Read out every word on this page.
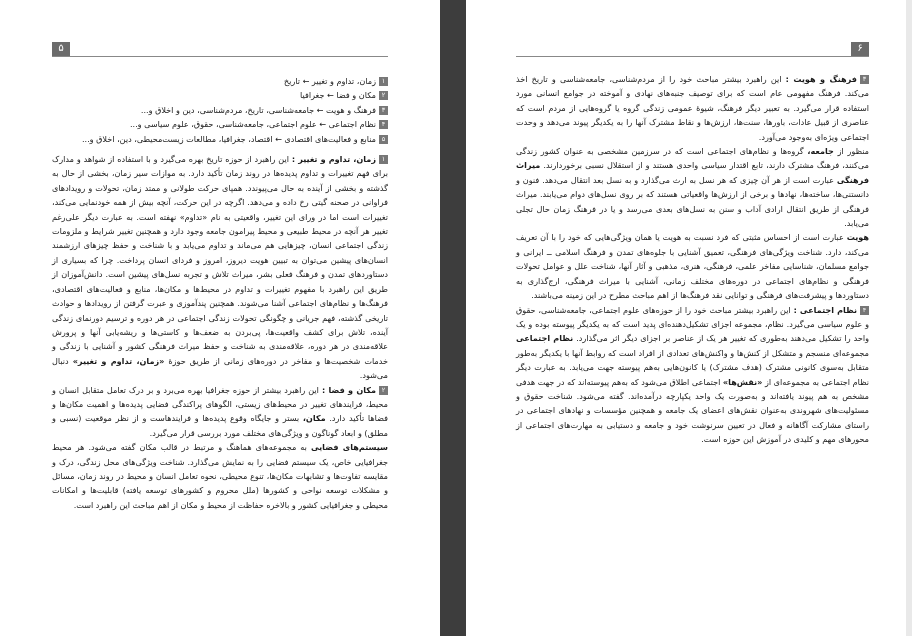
۵
۱زمان، تداوم و تغییر ← تاریخ
۲مکان و فضا ← جغرافیا
۳فرهنگ و هویت ← جامعه‌شناسی، تاریخ، مردم‌شناسی، دین و اخلاق و...
۴نظام اجتماعی ← علوم اجتماعی، جامعه‌شناسی، حقوق، علوم سیاسی و...
۵منابع و فعالیت‌های اقتصادی ← اقتصاد، جغرافیا، مطالعات زیست‌محیطی، دین، اخلاق و...

۱زمان، تداوم و تغییر : این راهبرد از حوزه تاریخ بهره می‌گیرد و با استفاده از شواهد و مدارک برای فهم تغییرات و تداوم پدیده‌ها در روند زمان تأکید دارد. به موازات سیر زمان، بخشی از حال به گذشته و بخشی از آینده به حال می‌پیوندد. همپای حرکت طولانی و ممتد زمان، تحولات و رویدادهای فراوانی در صحنه گیتی رخ داده و می‌دهد. اگرچه در این حرکت، آنچه بیش از همه خودنمایی می‌کند، تغییرات است اما در ورای این تغییر، واقعیتی به نام «تداوم» نهفته است. به عبارت دیگر علی‌رغم تغییر هر آنچه در محیط طبیعی و محیط پیرامون جامعه وجود دارد و همچنین تغییر شرایط و ملزومات زندگی اجتماعی انسان، چیزهایی هم می‌ماند و تداوم می‌یابد و با شناخت و حفظ چیزهای ارزشمند انسان‌های پیشین می‌توان به تبیین هویت دیروز، امروز و فردای انسان پرداخت. چرا که بسیاری از دستاوردهای تمدن و فرهنگ فعلی بشر، میراث تلاش و تجربه نسل‌های پیشین است. دانش‌آموزان از طریق این راهبرد با مفهوم تغییرات و تداوم در محیط‌ها و مکان‌ها، منابع و فعالیت‌های اقتصادی، فرهنگ‌ها و نظام‌های اجتماعی آشنا می‌شوند. همچنین پندآموزی و عبرت گرفتن از رویدادها و حوادث تاریخی گذشته، فهم جریانی و چگونگی تحولات زندگی اجتماعی در هر دوره و ترسیم دورنمای زندگی آینده، تلاش برای کشف واقعیت‌ها، پی‌بردن به ضعف‌ها و کاستی‌ها و ریشه‌یابی آنها و پرورش علاقه‌مندی در هر دوره، علاقه‌مندی به شناخت و حفظ میراث فرهنگی کشور و آشنایی با زندگی و خدمات شخصیت‌ها و مفاخر در دوره‌های زمانی از طریق حوزهٔ «زمان، تداوم و تغییر» دنبال می‌شود.

۲مکان و فضا : این راهبرد بیشتر از حوزه جغرافیا بهره می‌برد و بر درک تعامل متقابل انسان و محیط، فرایندهای تغییر در محیط‌های زیستی، الگوهای پراکندگی فضایی پدیده‌ها و اهمیت مکان‌ها و فضاها تأکید دارد. مکان، بستر و جایگاه وقوع پدیده‌ها و فرایندهاست و از نظر موقعیت (نسبی و مطلق) و ابعاد گوناگون و ویژگی‌های مختلف مورد بررسی قرار می‌گیرد.

سیستم‌های فضایی به مجموعه‌های هماهنگ و مرتبط در قالب مکان گفته می‌شود. هر محیط جغرافیایی خاص، یک سیستم فضایی را به نمایش می‌گذارد. شناخت ویژگی‌های محل زندگی، درک و مقایسه تفاوت‌ها و تشابهات مکان‌ها، تنوع محیطی، نحوه تعامل انسان و محیط در روند زمان، مسائل و مشکلات توسعه نواحی و کشورها (ملل محروم و کشورهای توسعه یافته) قابلیت‌ها و امکانات محیطی و جغرافیایی کشور و بالاخره حفاظت از محیط و مکان از اهم مباحث این راهبرد است.

۶

۳فرهنگ و هویت : این راهبرد بیشتر مباحث خود را از مردم‌شناسی، جامعه‌شناسی و تاریخ اخذ می‌کند. فرهنگ مفهومی عام است که برای توصیف جنبه‌های نهادی و آموخته در جوامع انسانی مورد استفاده قرار می‌گیرد. به تعبیر دیگر فرهنگ، شیوهٔ عمومی زندگی گروه یا گروه‌هایی از مردم است که عناصری از قبیل عادات، باورها، سنت‌ها، ارزش‌ها و نقاط مشترک آنها را به یکدیگر پیوند می‌دهد و وحدت اجتماعی ویژه‌ای به‌وجود می‌آورد.

منظور از جامعه، گروه‌ها و نظام‌های اجتماعی است که در سرزمین مشخصی به عنوان کشور زندگی می‌کنند، فرهنگ مشترک دارند، تابع اقتدار سیاسی واحدی هستند و از استقلال نسبی برخوردارند. میراث فرهنگی عبارت است از هر آن چیزی که هر نسل به ارث می‌گذارد و به نسل بعد انتقال می‌دهد. فنون و دانستنی‌ها، ساخته‌ها، نهادها و برخی از ارزش‌ها واقعیاتی هستند که بر روی نسل‌های دوام می‌یابند. میراث فرهنگی از طریق انتقال ارادی آداب و سنن به نسل‌های بعدی می‌رسد و یا در فرهنگ زمان حال تجلی می‌یابد.

هویت عبارت است از احساس مثبتی که فرد نسبت به هویت یا همان ویژگی‌هایی که خود را با آن تعریف می‌کند، دارد. شناخت ویژگی‌های فرهنگی، تعمیق آشنایی با جلوه‌های تمدن و فرهنگ اسلامی ــ ایرانی و جوامع مسلمان، شناسایی مفاخر علمی، فرهنگی، هنری، مذهبی و آثار آنها، شناخت علل و عوامل تحولات فرهنگی و نظام‌های اجتماعی در دوره‌های مختلف زمانی، آشنایی با میراث فرهنگی، ارج‌گذاری به دستاوردها و پیشرفت‌های فرهنگی و توانایی نقد فرهنگ‌ها از اهم مباحث مطرح در این زمینه می‌باشند.

۴نظام اجتماعی : این راهبرد بیشتر مباحث خود را از حوزه‌های علوم اجتماعی، جامعه‌شناسی، حقوق و علوم سیاسی می‌گیرد. نظام، مجموعه اجزای تشکیل‌دهنده‌ای پدید است که به یکدیگر پیوسته بوده و یک واحد را تشکیل می‌دهند به‌طوری که تغییر هر یک از عناصر بر اجزای دیگر اثر می‌گذارد. نظام اجتماعی مجموعه‌ای منسجم و متشکل از کنش‌ها و واکنش‌های تعدادی از افراد است که روابط آنها با یکدیگر به‌طور متقابل به‌سوی کانونی مشترک (هدف مشترک) یا کانون‌هایی به‌هم پیوسته جهت می‌یابد. به عبارت دیگر نظام اجتماعی به مجموعه‌ای از «نقش‌ها» اجتماعی اطلاق می‌شود که به‌هم پیوسته‌اند که در جهت هدفی مشخص به هم پیوند یافته‌اند و به‌صورت یک واحد یکپارچه درآمده‌اند. گفته می‌شود. شناخت حقوق و مسئولیت‌های شهروندی به‌عنوان نقش‌های اعضای یک جامعه و همچنین مؤسسات و نهادهای اجتماعی در راستای مشارکت آگاهانه و فعال در تعیین سرنوشت خود و جامعه و دستیابی به مهارت‌های اجتماعی از محورهای مهم و کلیدی در آموزش این حوزه است.
